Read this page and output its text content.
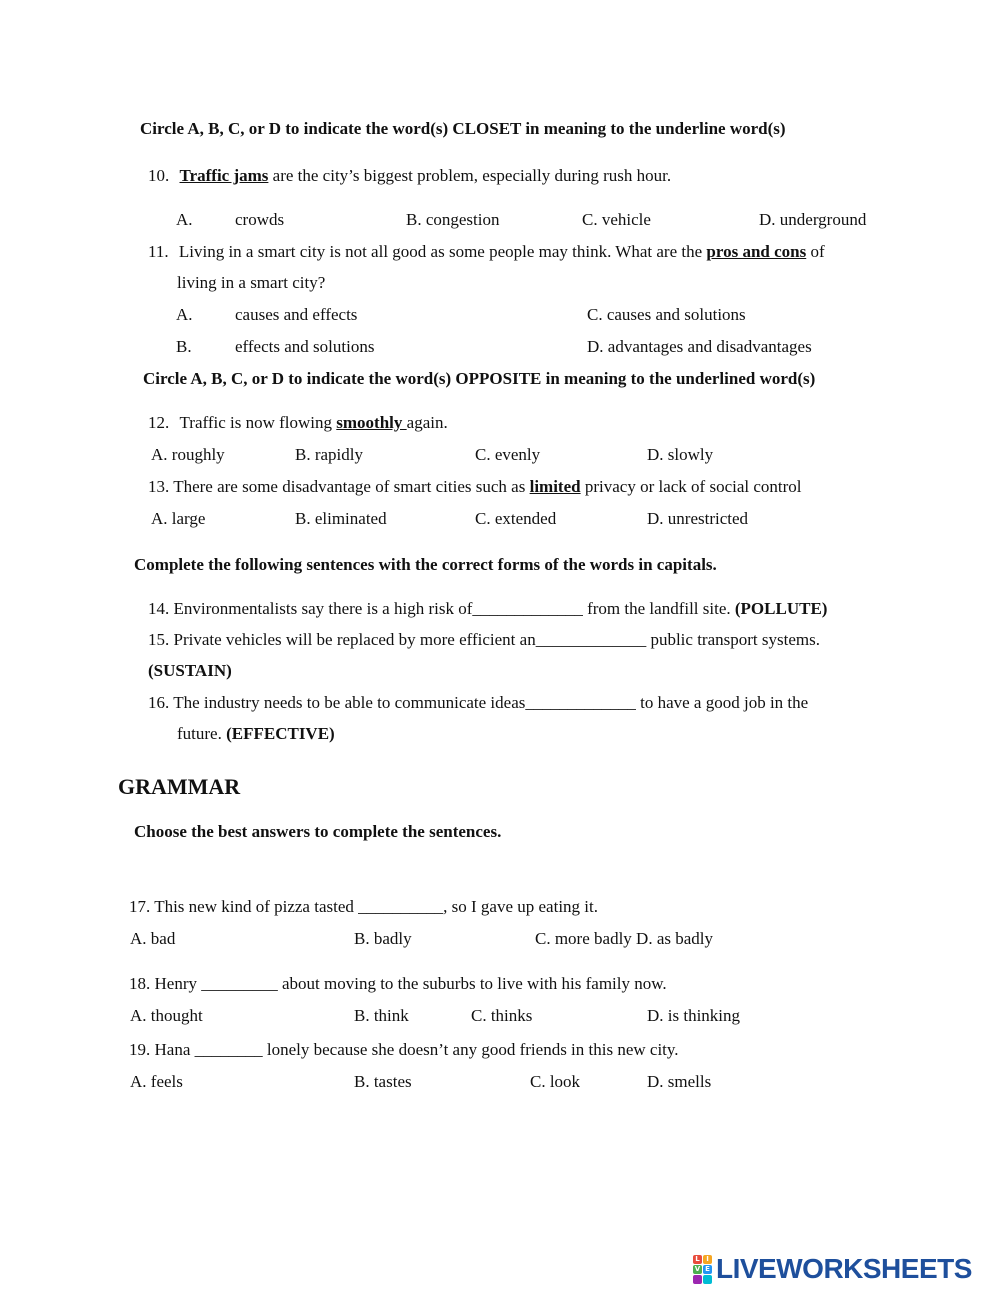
Circle A, B, C, or D to indicate the word(s) CLOSET in meaning to the underline word(s)
10. Traffic jams are the city’s biggest problem, especially during rush hour.
A. crowds	B. congestion	C. vehicle	D. underground
11. Living in a smart city is not all good as some people may think. What are the pros and cons of
living in a smart city?
A. causes and effects	C. causes and solutions
B.	effects and solutions	D. advantages and disadvantages
Circle A, B, C, or D to indicate the word(s) OPPOSITE in meaning to the underlined word(s)
12. Traffic is now flowing smoothly again.
A. roughly	B. rapidly	C. evenly	D. slowly
13. There are some disadvantage of smart cities such as limited privacy or lack of social control
A. large	B. eliminated	C. extended	D. unrestricted
Complete the following sentences with the correct forms of the words in capitals.
14. Environmentalists say there is a high risk of_____________ from the landfill site. (POLLUTE)
15. Private vehicles will be replaced by more efficient an_____________ public transport systems.
(SUSTAIN)
16. The industry needs to be able to communicate ideas_____________ to have a good job in the
future. (EFFECTIVE)
GRAMMAR
Choose the best answers to complete the sentences.
17. This new kind of pizza tasted __________, so I gave up eating it.
A. bad	B. badly	C. more badly D. as badly
18. Henry _________ about moving to the suburbs to live with his family now.
A. thought	B. think	C. thinks	D. is thinking
19. Hana ________ lonely because she doesn’t any good friends in this new city.
A. feels	B. tastes	C. look	D. smells
L I
V E LIVEWORKSHEETS
